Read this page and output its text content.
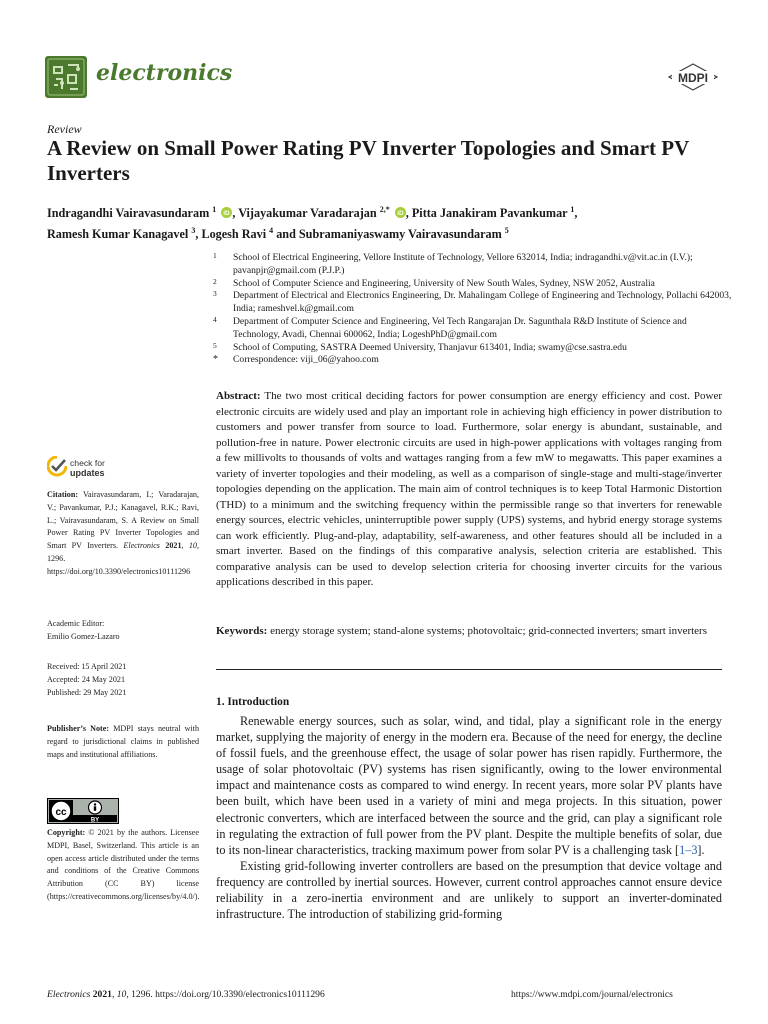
electronics	MDPI
Review
A Review on Small Power Rating PV Inverter Topologies and Smart PV Inverters
Indragandhi Vairavasundaram $^1$ iD , Vijayakumar Varadarajan $^{2,*}$ iD , Pitta Janakiram Pavankumar $^1$,
Ramesh Kumar Kanagavel $^3$, Logesh Ravi $^4$ and Subramaniyaswamy Vairavasundaram $^5$
1 School of Electrical Engineering, Vellore Institute of Technology, Vellore 632014, India; indragandhi.v@vit.ac.in (I.V.); pavanpjr@gmail.com (P.J.P.)
2 School of Computer Science and Engineering, University of New South Wales, Sydney, NSW 2052, Australia
3 Department of Electrical and Electronics Engineering, Dr. Mahalingam College of Engineering and Technology, Pollachi 642003, India; rameshvel.k@gmail.com
4 Department of Computer Science and Engineering, Vel Tech Rangarajan Dr. Sagunthala R&D Institute of Science and Technology, Avadi, Chennai 600062, India; LogeshPhD@gmail.com
5 School of Computing, SASTRA Deemed University, Thanjavur 613401, India; swamy@cse.sastra.edu
* Correspondence: viji_06@yahoo.com

Abstract: The two most critical deciding factors for power consumption are energy efficiency and cost. Power electronic circuits are widely used and play an important role in achieving high efficiency in power distribution to customers and power transfer from source to load. Furthermore, solar energy is abundant, sustainable, and pollution-free in nature. Power electronic circuits are used in high-power applications with voltages ranging from a few millivolts to thousands of volts and wattages ranging from a few mW to megawatts. This paper examines a variety of inverter topologies and their modeling, as well as a comparison of single-stage and multi-stage/inverter topologies depending on the application. The main aim of control techniques is to keep Total Harmonic Distortion (THD) to a minimum and the switching frequency within the permissible range so that inverters for renewable energy sources, electric vehicles, uninterruptible power supply (UPS) systems, and hybrid energy storage systems can work efficiently. Plug-and-play, adaptability, self-awareness, and other features should all be included in a smart inverter. Based on the findings of this comparative analysis, selection criteria are established. This comparative analysis can be used to develop selection criteria for choosing inverter circuits for the various applications described in this paper.

Keywords: energy storage system; stand-alone systems; photovoltaic; grid-connected inverters; smart inverters

1. Introduction

Renewable energy sources, such as solar, wind, and tidal, play a significant role in the energy market, supplying the majority of energy in the modern era. Because of the need for energy, the decline of fossil fuels, and the greenhouse effect, the usage of solar power has risen rapidly. Furthermore, the usage of solar photovoltaic (PV) systems has risen significantly, owing to the lower environmental impact and maintenance costs as compared to wind energy. In recent years, more solar PV plants have been built, which have been used in a variety of mini and mega projects. In this situation, power electronic converters, which are interfaced between the source and the grid, can play a significant role in regulating the extraction of full power from the PV plant. Despite the multiple benefits of solar, due to its non-linear characteristics, tracking maximum power from solar PV is a challenging task [1–3].

Existing grid-following inverter controllers are based on the presumption that device voltage and frequency are controlled by inertial sources. However, current control approaches cannot ensure device reliability in a zero-inertia environment and are unlikely to support an inverter-dominated infrastructure. The introduction of stabilizing grid-forming

check for
updates

Citation: Vairavasundaram, I.; Varadarajan, V.; Pavankumar, P.J.; Kanagavel, R.K.; Ravi, L.; Vairavasundaram, S. A Review on Small Power Rating PV Inverter Topologies and Smart PV Inverters. Electronics 2021, 10, 1296. https://doi.org/10.3390/electronics10111296

Academic Editor:

Emilio Gomez-Lazaro

Received: 15 April 2021

Accepted: 24 May 2021

Published: 29 May 2021

Publisher’s Note: MDPI stays neutral with regard to jurisdictional claims in published maps and institutional affiliations.

cc
BY

Copyright: © 2021 by the authors. Licensee MDPI, Basel, Switzerland. This article is an open access article distributed under the terms and conditions of the Creative Commons Attribution (CC BY) license (https://creativecommons.org/licenses/by/4.0/).

Electronics 2021, 10, 1296. https://doi.org/10.3390/electronics10111296	https://www.mdpi.com/journal/electronics
